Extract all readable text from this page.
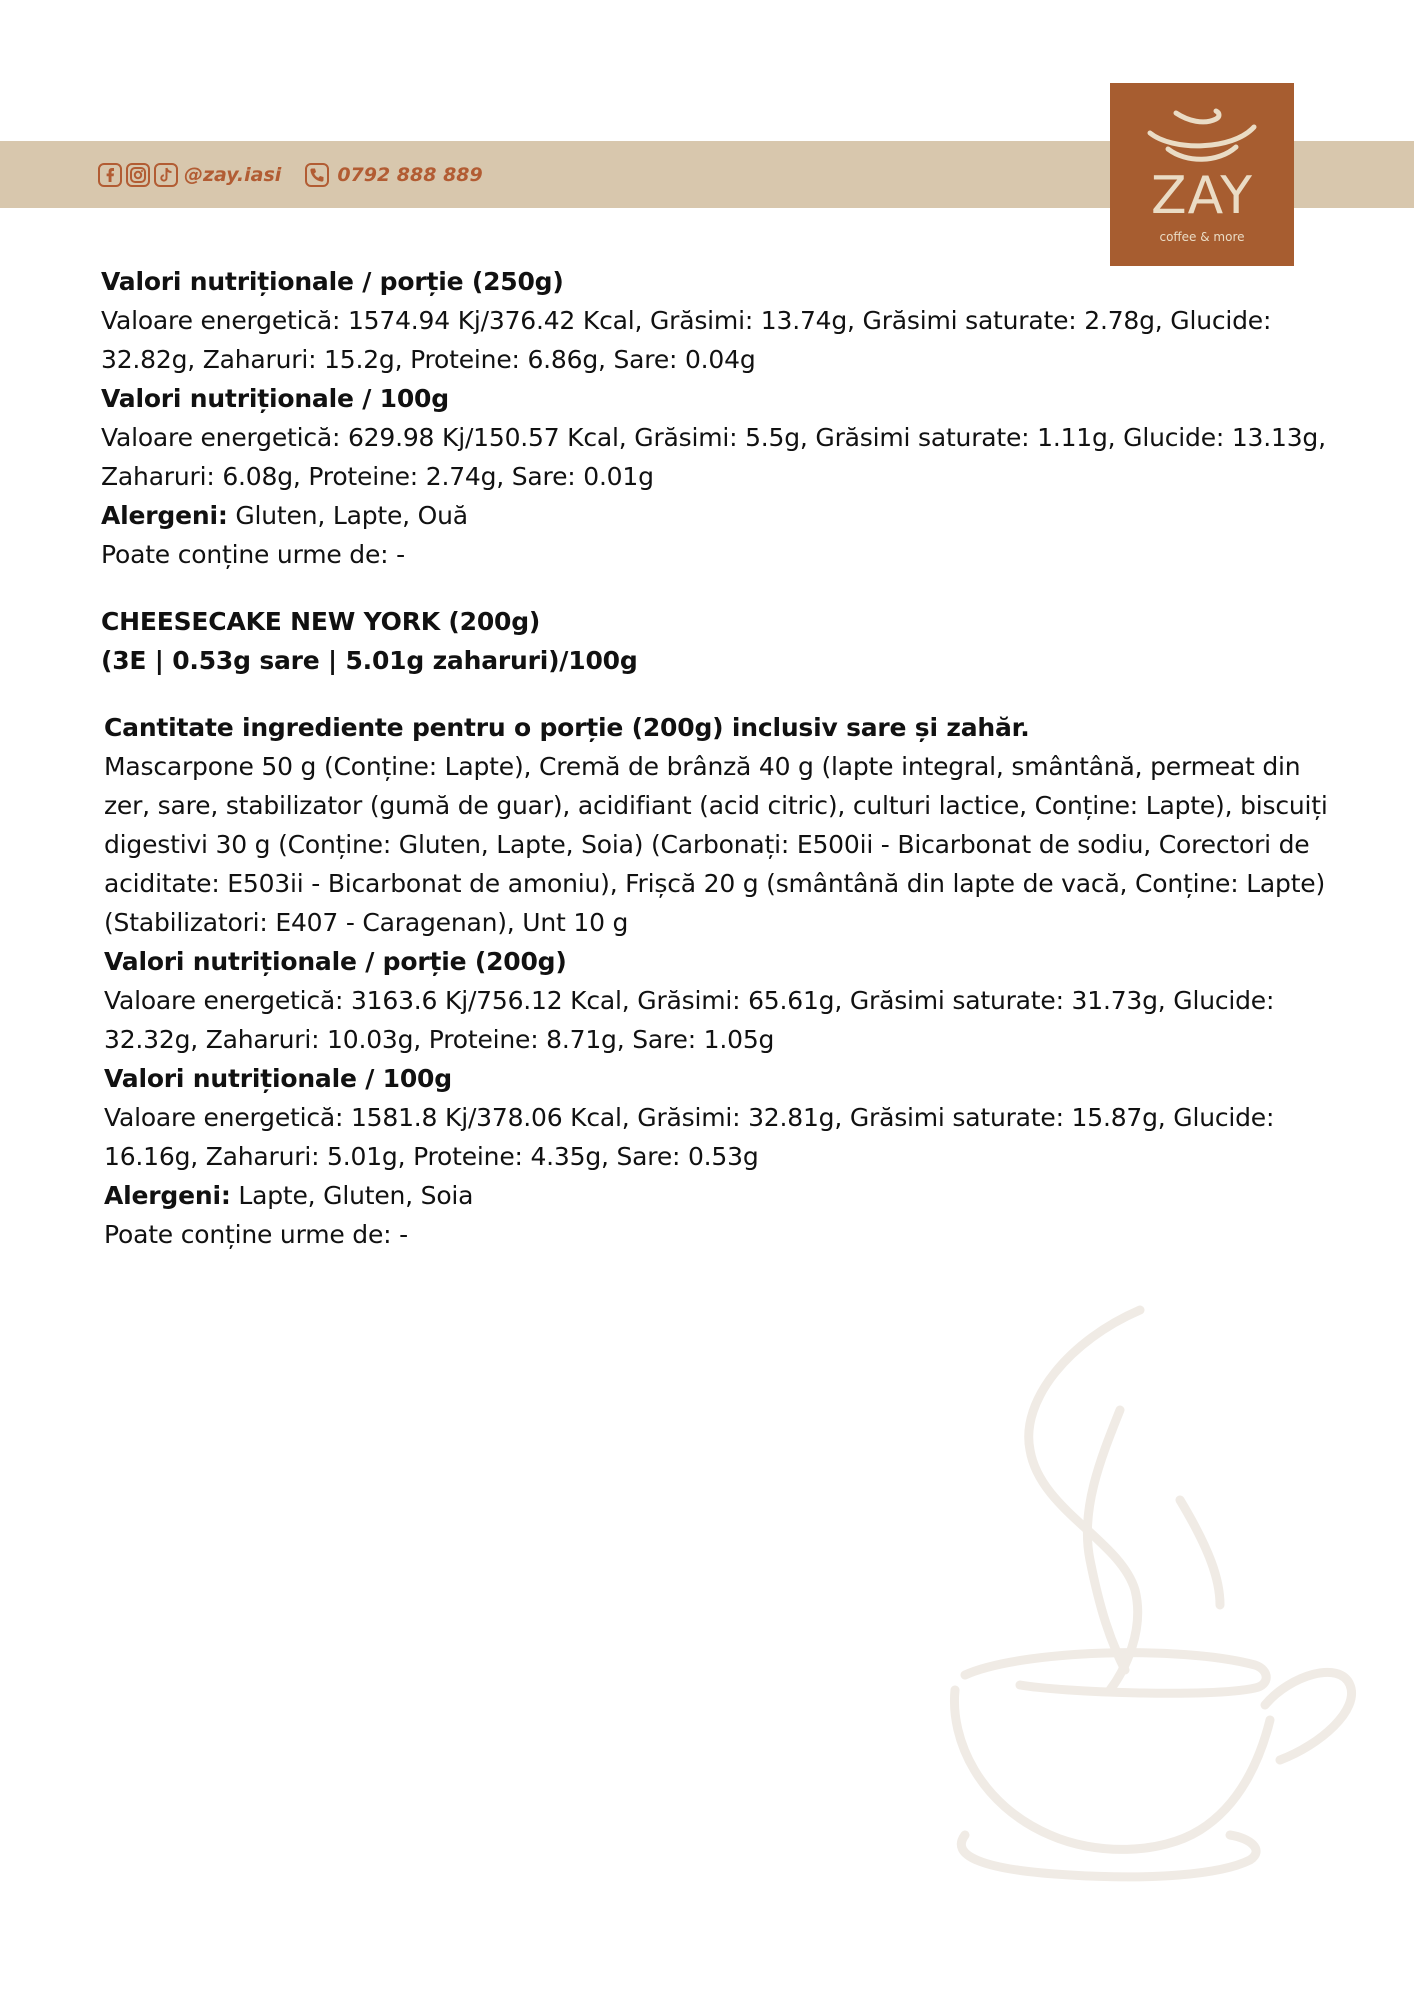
@zay.iasi	0792 888 889	ZAY
coffee & more

Valori nutriționale / porție (250g)

Valoare energetică: 1574.94 Kj/376.42 Kcal, Grăsimi: 13.74g, Grăsimi saturate: 2.78g, Glucide: 32.82g, Zaharuri: 15.2g, Proteine: 6.86g, Sare: 0.04g

Valori nutriționale / 100g

Valoare energetică: 629.98 Kj/150.57 Kcal, Grăsimi: 5.5g, Grăsimi saturate: 1.11g, Glucide: 13.13g, Zaharuri: 6.08g, Proteine: 2.74g, Sare: 0.01g

Alergeni: Gluten, Lapte, Ouă

Poate conține urme de: -

CHEESECAKE NEW YORK (200g)

(3E | 0.53g sare | 5.01g zaharuri)/100g

Cantitate ingrediente pentru o porție (200g) inclusiv sare și zahăr.

Mascarpone 50 g (Conține: Lapte), Cremă de brânză 40 g (lapte integral, smântână, permeat din zer, sare, stabilizator (gumă de guar), acidifiant (acid citric), culturi lactice, Conține: Lapte), biscuiți digestivi 30 g (Conține: Gluten, Lapte, Soia) (Carbonați: E500ii - Bicarbonat de sodiu, Corectori de aciditate: E503ii - Bicarbonat de amoniu), Frișcă 20 g (smântână din lapte de vacă, Conține: Lapte) (Stabilizatori: E407 - Caragenan), Unt 10 g

Valori nutriționale / porție (200g)

Valoare energetică: 3163.6 Kj/756.12 Kcal, Grăsimi: 65.61g, Grăsimi saturate: 31.73g, Glucide: 32.32g, Zaharuri: 10.03g, Proteine: 8.71g, Sare: 1.05g

Valori nutriționale / 100g

Valoare energetică: 1581.8 Kj/378.06 Kcal, Grăsimi: 32.81g, Grăsimi saturate: 15.87g, Glucide: 16.16g, Zaharuri: 5.01g, Proteine: 4.35g, Sare: 0.53g

Alergeni: Lapte, Gluten, Soia

Poate conține urme de: -
